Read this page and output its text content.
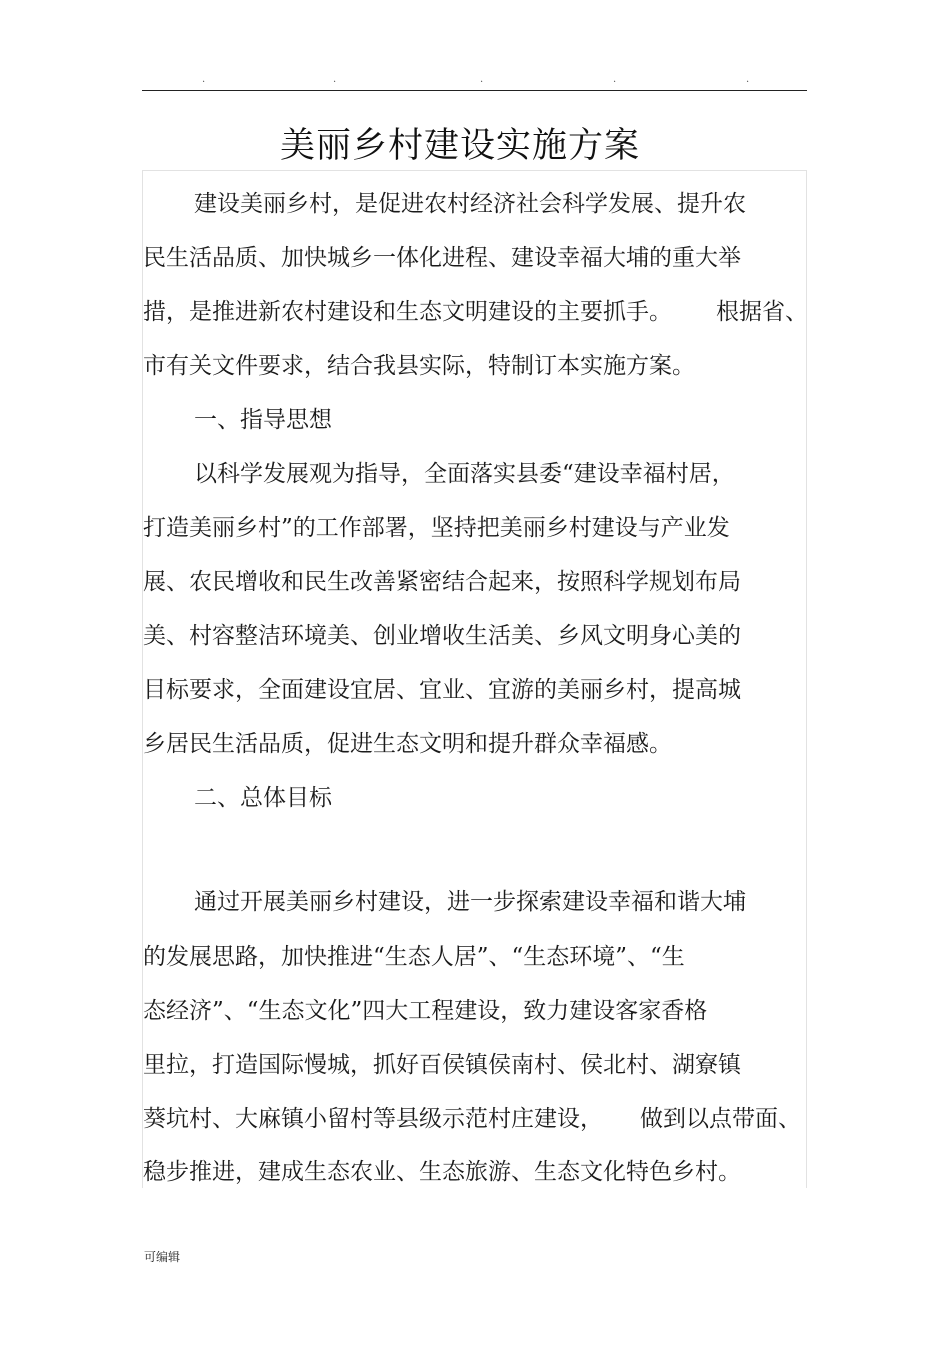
.	.	.	.	.
美丽乡村建设实施方案
建设美丽乡村，是促进农村经济社会科学发展、提升农
民生活品质、加快城乡一体化进程、建设幸福大埔的重大举
措，是推进新农村建设和生态文明建设的主要抓手。 根据省、
市有关文件要求，结合我县实际，特制订本实施方案。
一、指导思想
以科学发展观为指导，全面落实县委“建设幸福村居，
打造美丽乡村”的工作部署，坚持把美丽乡村建设与产业发
展、农民增收和民生改善紧密结合起来，按照科学规划布局
美、村容整洁环境美、创业增收生活美、乡风文明身心美的
目标要求，全面建设宜居、宜业、宜游的美丽乡村，提高城
乡居民生活品质，促进生态文明和提升群众幸福感。
二、总体目标
通过开展美丽乡村建设，进一步探索建设幸福和谐大埔
的发展思路，加快推进“生态人居”、“生态环境”、“生
态经济”、“生态文化”四大工程建设，致力建设客家香格
里拉，打造国际慢城，抓好百侯镇侯南村、侯北村、湖寮镇
葵坑村、大麻镇小留村等县级示范村庄建设， 做到以点带面、
稳步推进，建成生态农业、生态旅游、生态文化特色乡村。
可编辑
